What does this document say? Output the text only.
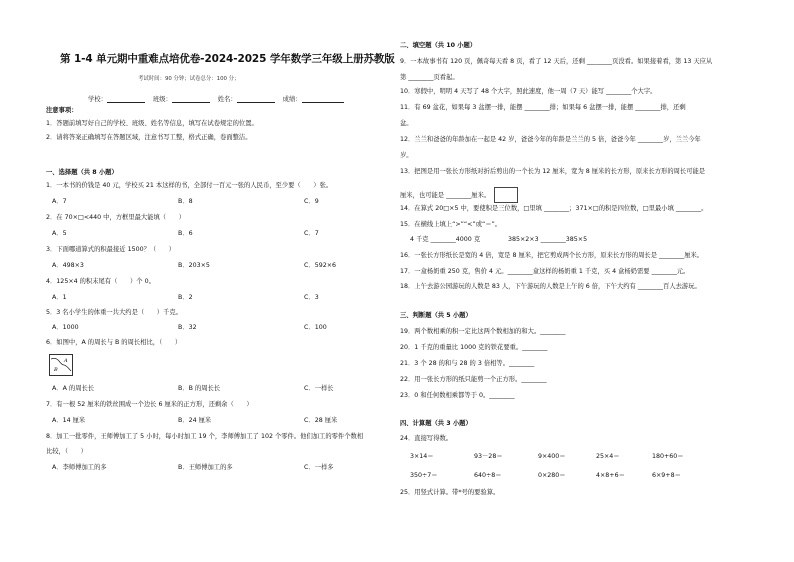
第 1-4 单元期中重难点培优卷-2024-2025 学年数学三年级上册苏教版
考试时间：90 分钟；试卷总分：100 分；
学校：	班级：	姓名：	成绩：
注意事项：
1．答题前填写好自己的学校、班级、姓名等信息，填写在试卷规定的位置。
2．请将答案正确填写在答题区域，注意书写工整，格式正确，卷面整洁。
一、选择题（共 8 小题）
1．一本书的价钱是 40 元，学校买 21 本这样的书，全部付一百元一张的人民币，至少要（　　）张。
A．7	B．8	C．9
2．在 70×□<440 中，方框里最大能填（　　）
A．5	B．6	C．7
3．下面哪道算式的积最接近 1500？（　　）
A．498×3	B．203×5	C．592×6
4．125×4 的积末尾有（　　）个 0。
A．1	B．2	C．3
5．3 名小学生的体重一共大约是（　　）千克。
A．1000	B．32	C．100
6．如图中，A 的周长与 B 的周长相比，（　　）
A
B
A．A 的周长长	B．B 的周长长	C．一样长
7．有一根 52 厘米的铁丝围成一个边长 6 厘米的正方形，还剩余（　　）
A．14 厘米	B．24 厘米	C．28 厘米
8．加工一批零件，王师傅加工了 5 小时，每小时加工 19 个，李师傅加工了 102 个零件。他们加工的零件个数相
比较，（　　）
A．李师傅加工的多	B．王师傅加工的多	C．一样多
二、填空题（共 10 小题）
9．一本故事书有 120 页，佩奇每天看 8 页，看了 12 天后，还剩 ________页没看。如果接着看，第 13 天应从
第 ________页看起。
10．寒假中，明明 4 天写了 48 个大字，照此速度，他一周（7 天）能写 ________个大字。
11．有 69 盆花，如果每 3 盆摆一排，能摆 ________排；如果每 6 盆摆一排，能摆 ________排，还剩
盆。
12．兰兰和爸爸的年龄加在一起是 42 岁，爸爸今年的年龄是兰兰的 5 倍，爸爸今年 ________岁，兰兰今年
岁。
13．把图是用一张长方形纸对折后剪出的一个长为 12 厘米，宽为 8 厘米的长方形，原来长方形的周长可能是
厘米，也可能是 ________厘米。
14．在算式 20□×5 中，要使积是三位数，□里填 ________；371×□的积是四位数，□里最小填 ________。
15．在横线上填上“>”“<”或“＝”。
4 千克 ________4000 克	385×2×3 ________385×5
16．一张长方形纸长是宽的 4 倍，宽是 8 厘米，把它剪成两个长方形，原来长方形的周长是 ________厘米。
17．一盒杨奶重 250 克，售价 4 元。________盒这样的杨奶重 1 千克，买 4 盒杨奶需要 ________元。
18．上午去游公园游玩的人数是 83 人，下午游玩的人数是上午的 6 倍，下午大约有 ________百人去游玩。
三、判断题（共 5 小题）
19．两个数相乘的积一定比这两个数相加的和大。________
20．1 千克的重量比 1000 克的铁花要重。________
21．3 个 28 的和与 28 的 3 倍相等。________
22．用一张长方形的纸只能剪一个正方形。________
23．0 和任何数相乘都等于 0。________
四、计算题（共 3 小题）
24．直接写得数。
3×14＝	93－28＝	9×400＝	25×4＝	180+60＝
350÷7＝	640÷8＝	0×280＝	4×8+6＝	6×9+8＝
25．用竖式计算。带*号的要验算。
